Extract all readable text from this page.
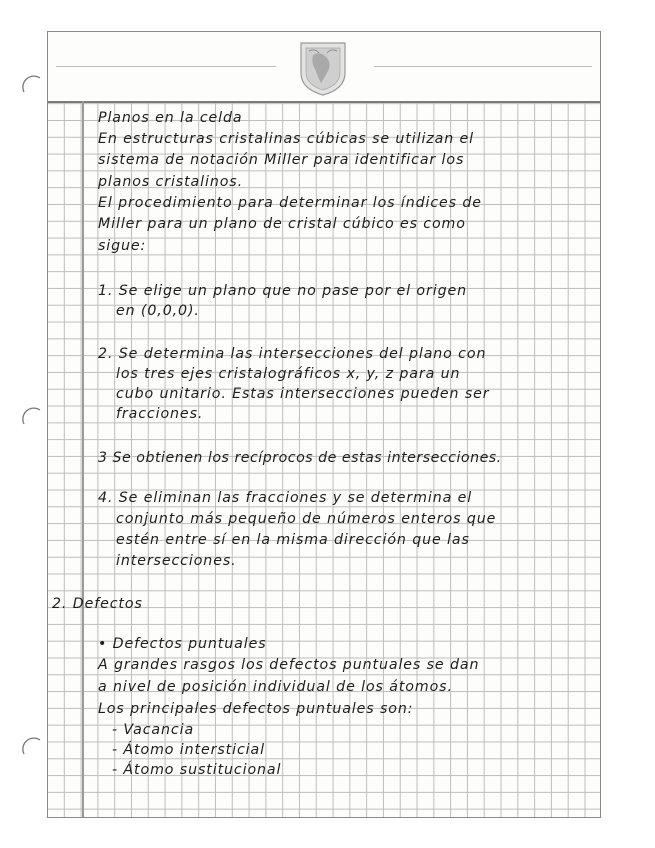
Planos en la celda
En estructuras cristalinas cúbicas se utilizan el
sistema de notación Miller para identificar los
planos cristalinos.
El procedimiento para determinar los índices de
Miller para un plano de cristal cúbico es como
sigue:
1. Se elige un plano que no pase por el origen
en (0,0,0).
2. Se determina las intersecciones del plano con
los tres ejes cristalográficos x, y, z para un
cubo unitario. Estas intersecciones pueden ser
fracciones.
3 Se obtienen los recíprocos de estas intersecciones.
4. Se eliminan las fracciones y se determina el
conjunto más pequeño de números enteros que
estén entre sí en la misma dirección que las
intersecciones.
2. Defectos
• Defectos puntuales
A grandes rasgos los defectos puntuales se dan
a nivel de posición individual de los átomos.
Los principales defectos puntuales son:
- Vacancia
- Átomo intersticial
- Átomo sustitucional
